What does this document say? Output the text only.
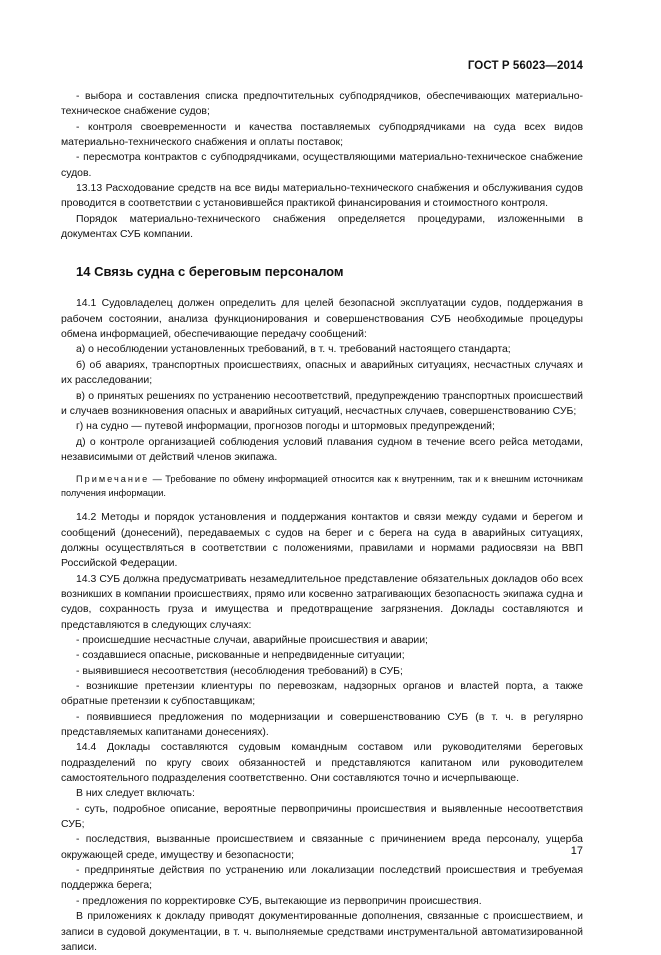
ГОСТ Р 56023—2014

- выбора и составления списка предпочтительных субподрядчиков, обеспечивающих материально-техническое снабжение судов;

- контроля своевременности и качества поставляемых субподрядчиками на суда всех видов материально-технического снабжения и оплаты поставок;

- пересмотра контрактов с субподрядчиками, осуществляющими материально-техническое снабжение судов.

13.13 Расходование средств на все виды материально-технического снабжения и обслуживания судов проводится в соответствии с установившейся практикой финансирования и стоимостного контроля.

Порядок материально-технического снабжения определяется процедурами, изложенными в документах СУБ компании.

14 Связь судна с береговым персоналом

14.1 Судовладелец должен определить для целей безопасной эксплуатации судов, поддержания в рабочем состоянии, анализа функционирования и совершенствования СУБ необходимые процедуры обмена информацией, обеспечивающие передачу сообщений:

а) о несоблюдении установленных требований, в т. ч. требований настоящего стандарта;

б) об авариях, транспортных происшествиях, опасных и аварийных ситуациях, несчастных случаях и их расследовании;

в) о принятых решениях по устранению несоответствий, предупреждению транспортных происшествий и случаев возникновения опасных и аварийных ситуаций, несчастных случаев, совершенствованию СУБ;

г) на судно — путевой информации, прогнозов погоды и штормовых предупреждений;

д) о контроле организацией соблюдения условий плавания судном в течение всего рейса методами, независимыми от действий членов экипажа.

Примечание — Требование по обмену информацией относится как к внутренним, так и к внешним источникам получения информации.

14.2 Методы и порядок установления и поддержания контактов и связи между судами и берегом и сообщений (донесений), передаваемых с судов на берег и с берега на суда в аварийных ситуациях, должны осуществляться в соответствии с положениями, правилами и нормами радиосвязи на ВВП Российской Федерации.

14.3 СУБ должна предусматривать незамедлительное представление обязательных докладов обо всех возникших в компании происшествиях, прямо или косвенно затрагивающих безопасность экипажа судна и судов, сохранность груза и имущества и предотвращение загрязнения. Доклады составляются и представляются в следующих случаях:

- происшедшие несчастные случаи, аварийные происшествия и аварии;

- создавшиеся опасные, рискованные и непредвиденные ситуации;

- выявившиеся несоответствия (несоблюдения требований) в СУБ;

- возникшие претензии клиентуры по перевозкам, надзорных органов и властей порта, а также обратные претензии к субпоставщикам;

- появившиеся предложения по модернизации и совершенствованию СУБ (в т. ч. в регулярно представляемых капитанами донесениях).

14.4 Доклады составляются судовым командным составом или руководителями береговых подразделений по кругу своих обязанностей и представляются капитаном или руководителем самостоятельного подразделения соответственно. Они составляются точно и исчерпывающе.

В них следует включать:

- суть, подробное описание, вероятные первопричины происшествия и выявленные несоответствия СУБ;

- последствия, вызванные происшествием и связанные с причинением вреда персоналу, ущерба окружающей среде, имуществу и безопасности;

- предпринятые действия по устранению или локализации последствий происшествия и требуемая поддержка берега;

- предложения по корректировке СУБ, вытекающие из первопричин происшествия.

В приложениях к докладу приводят документированные дополнения, связанные с происшествием, и записи в судовой документации, в т. ч. выполняемые средствами инструментальной автоматизированной записи.

17
